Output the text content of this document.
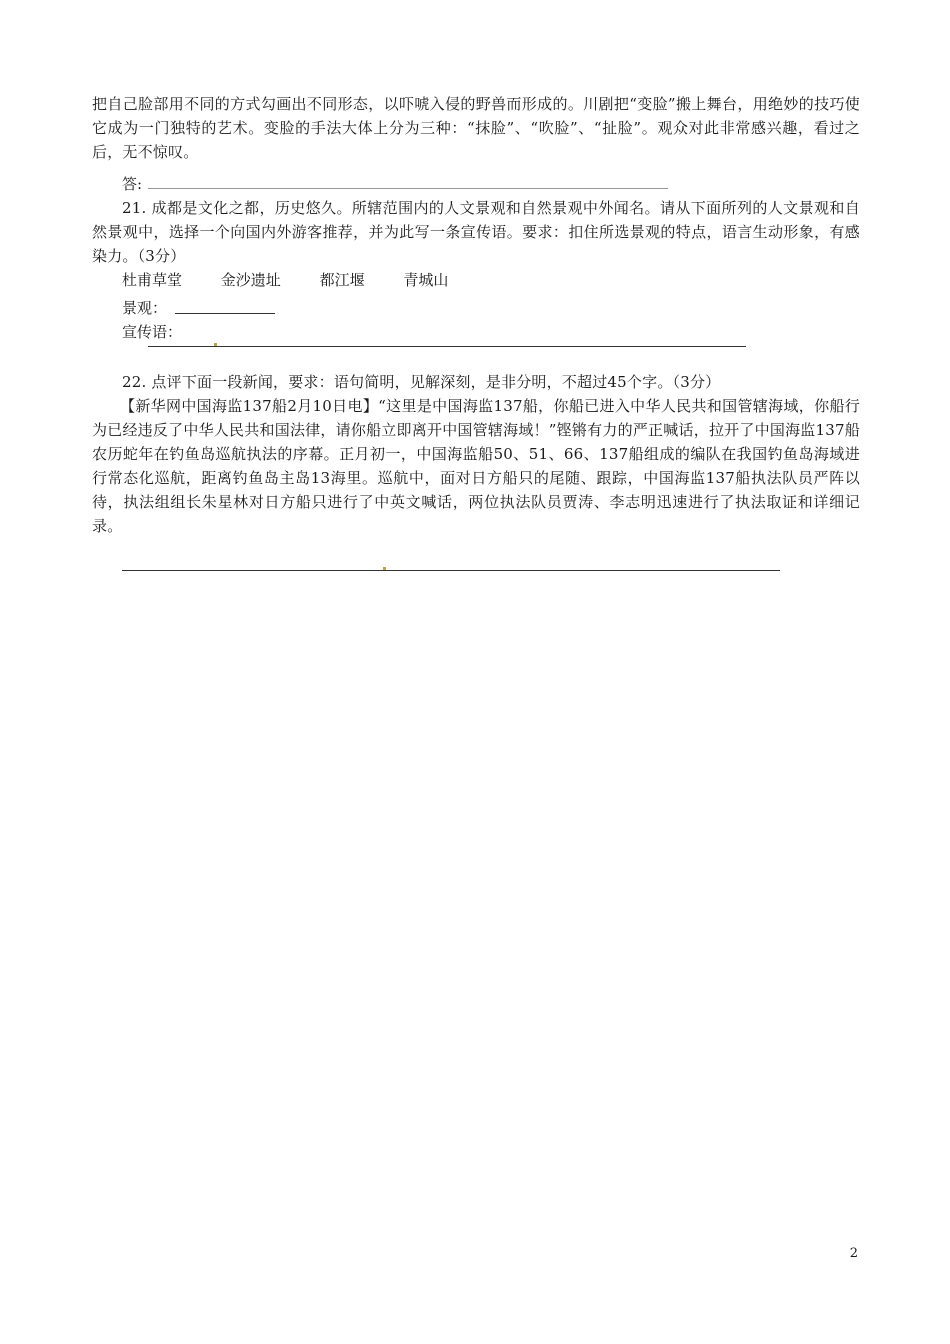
把自己脸部用不同的方式勾画出不同形态，以吓唬入侵的野兽而形成的。川剧把“变脸”搬上舞台，用绝妙的技巧使它成为一门独特的艺术。变脸的手法大体上分为三种：“抹脸”、“吹脸”、“扯脸”。观众对此非常感兴趣，看过之后，无不惊叹。

答:

21. 成都是文化之都，历史悠久。所辖范围内的人文景观和自然景观中外闻名。请从下面所列的人文景观和自然景观中，选择一个向国内外游客推荐，并为此写一条宣传语。要求：扣住所选景观的特点，语言生动形象，有感染力。（3分）

杜甫草堂	金沙遗址	都江堰	青城山

景观：

宣传语：

22. 点评下面一段新闻，要求：语句简明，见解深刻，是非分明，不超过45个字。（3分）

【新华网中国海监137船2月10日电】“这里是中国海监137船，你船已进入中华人民共和国管辖海域，你船行为已经违反了中华人民共和国法律，请你船立即离开中国管辖海域！”铿锵有力的严正喊话，拉开了中国海监137船农历蛇年在钓鱼岛巡航执法的序幕。正月初一，中国海监船50、51、66、137船组成的编队在我国钓鱼岛海域进行常态化巡航，距离钓鱼岛主岛13海里。巡航中，面对日方船只的尾随、跟踪，中国海监137船执法队员严阵以待，执法组组长朱星林对日方船只进行了中英文喊话，两位执法队员贾涛、李志明迅速进行了执法取证和详细记录。

2
